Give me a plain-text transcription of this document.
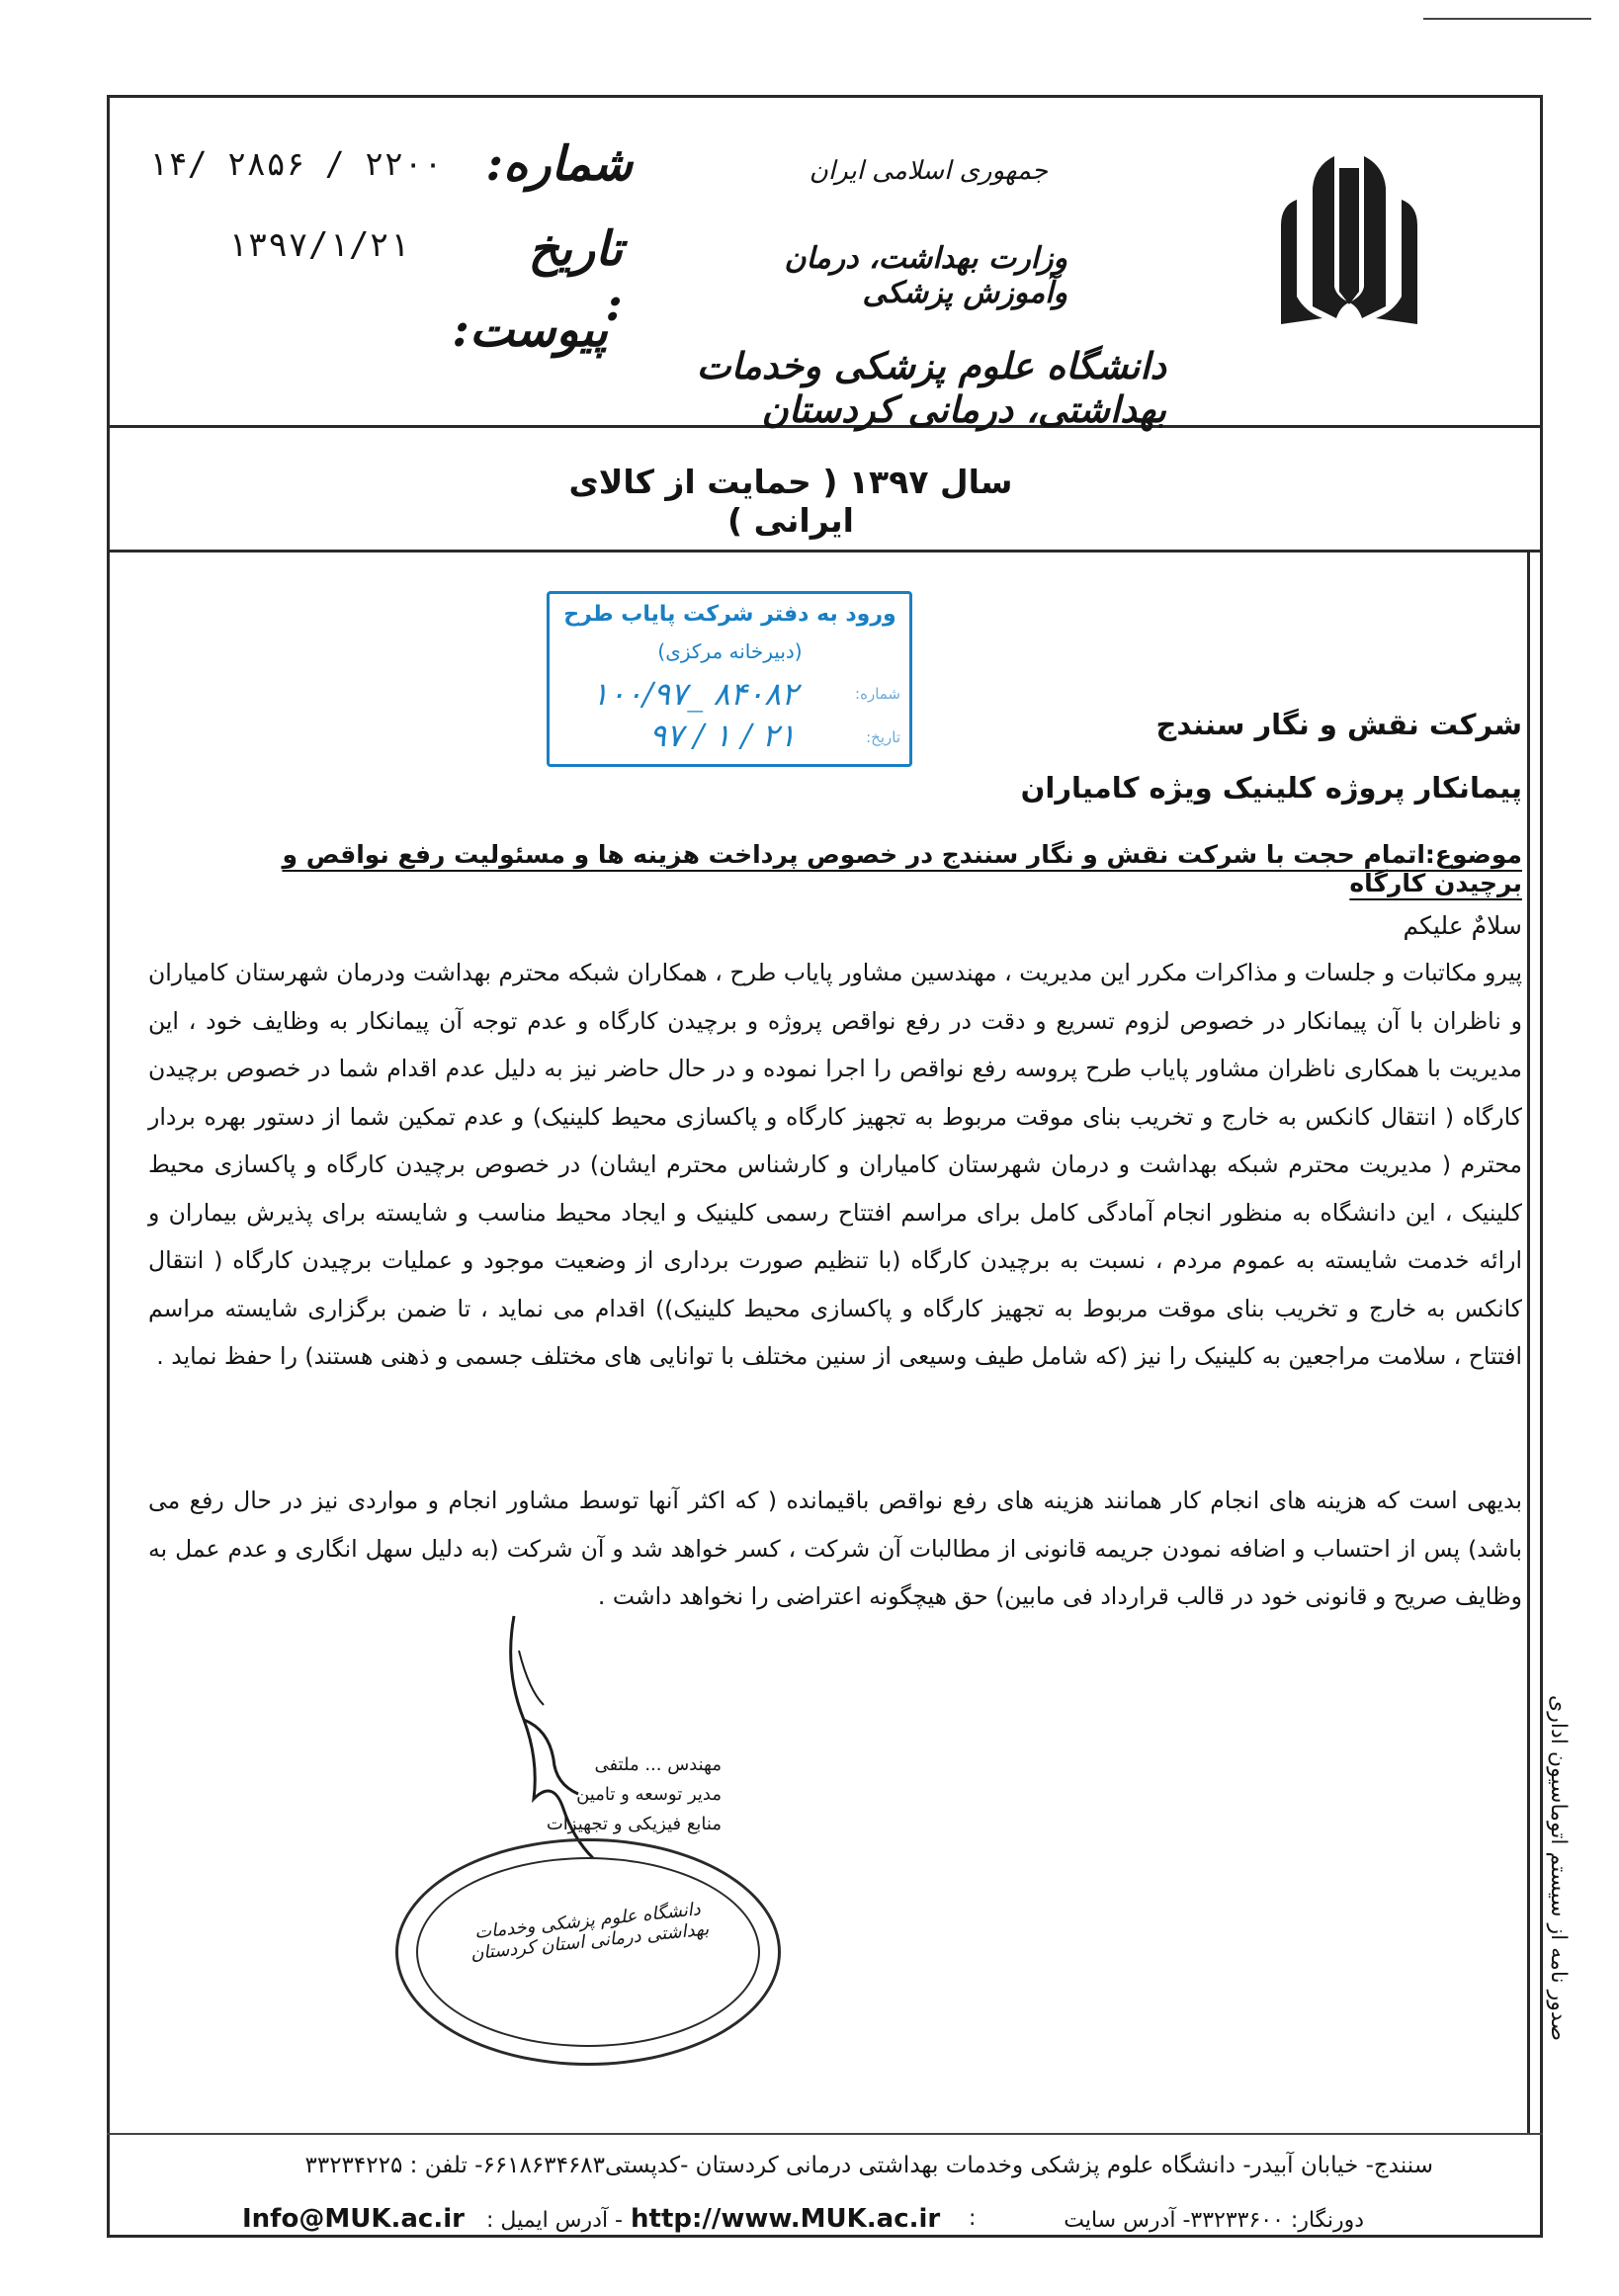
جمهوری اسلامی ایران
وزارت بهداشت، درمان وآموزش پزشکی
دانشگاه علوم پزشکی وخدمات بهداشتی، درمانی کردستان
شماره:
۱۴/ ۲۸۵۶ / ۲۲۰۰
تاریخ :
۱۳۹۷/۱/۲۱
پیوست:
سال ۱۳۹۷ ( حمایت از کالای ایرانی )
ورود به دفتر شرکت پایاب طرح
(دبیرخانه مرکزی)
شماره:
۱۰۰/۹۷_ ۸۴۰۸۲
تاریخ:
۹۷ / ۱ / ۲۱	شرکت نقش و نگار سنندج
پیمانکار پروژه کلینیک ویژه کامیاران
موضوع:اتمام حجت با شرکت نقش و نگار سنندج در خصوص پرداخت هزینه ها و مسئولیت رفع نواقص و برچیدن کارگاه
سلامٌ علیکم
پیرو مکاتبات و جلسات و مذاکرات مکرر این مدیریت ، مهندسین مشاور پایاب طرح ، همکاران شبکه محترم بهداشت ودرمان شهرستان کامیاران و ناظران با آن پیمانکار در خصوص لزوم تسریع و دقت در رفع نواقص پروژه و برچیدن کارگاه و عدم توجه آن پیمانکار به وظایف خود ، این مدیریت با همکاری ناظران مشاور پایاب طرح پروسه رفع نواقص را اجرا نموده و در حال حاضر نیز به دلیل عدم اقدام شما در خصوص برچیدن کارگاه ( انتقال کانکس به خارج و تخریب بنای موقت مربوط به تجهیز کارگاه و پاکسازی محیط کلینیک) و عدم تمکین شما از دستور بهره بردار محترم ( مدیریت محترم شبکه بهداشت و درمان شهرستان کامیاران و کارشناس محترم ایشان) در خصوص برچیدن کارگاه و پاکسازی محیط کلینیک ، این دانشگاه به منظور انجام آمادگی کامل برای مراسم افتتاح رسمی کلینیک و ایجاد محیط مناسب و شایسته برای پذیرش بیماران و ارائه خدمت شایسته به عموم مردم ، نسبت به برچیدن کارگاه (با تنظیم صورت برداری از وضعیت موجود و عملیات برچیدن کارگاه ( انتقال کانکس به خارج و تخریب بنای موقت مربوط به تجهیز کارگاه و پاکسازی محیط کلینیک)) اقدام می نماید ، تا ضمن برگزاری شایسته مراسم افتتاح ، سلامت مراجعین به کلینیک را نیز (که شامل طیف وسیعی از سنین مختلف با توانایی های مختلف جسمی و ذهنی هستند) را حفظ نماید .
بدیهی است که هزینه های انجام کار همانند هزینه های رفع نواقص باقیمانده ( که اکثر آنها توسط مشاور انجام و مواردی نیز در حال رفع می باشد) پس از احتساب و اضافه نمودن جریمه قانونی از مطالبات آن شرکت ، کسر خواهد شد و آن شرکت (به دلیل سهل انگاری و عدم عمل به وظایف صریح و قانونی خود در قالب قرارداد فی مابین) حق هیچگونه اعتراضی را نخواهد داشت .
مهندس ... ملتفی
مدیر توسعه و تامین
منابع فیزیکی و تجهیزات
دانشگاه علوم پزشکی وخدمات بهداشتی درمانی استان کردستان	صدور نامه از سیستم اتوماسیون اداری
سنندج- خیابان آبیدر- دانشگاه علوم پزشکی وخدمات بهداشتی درمانی کردستان -کدپستی۶۶۱۸۶۳۴۶۸۳- تلفن : ۳۳۲۳۴۲۲۵
دورنگار: ۳۳۲۳۳۶۰۰- آدرس سایت
:
http://www.MUK.ac.ir
- آدرس ایمیل :
Info@MUK.ac.ir
